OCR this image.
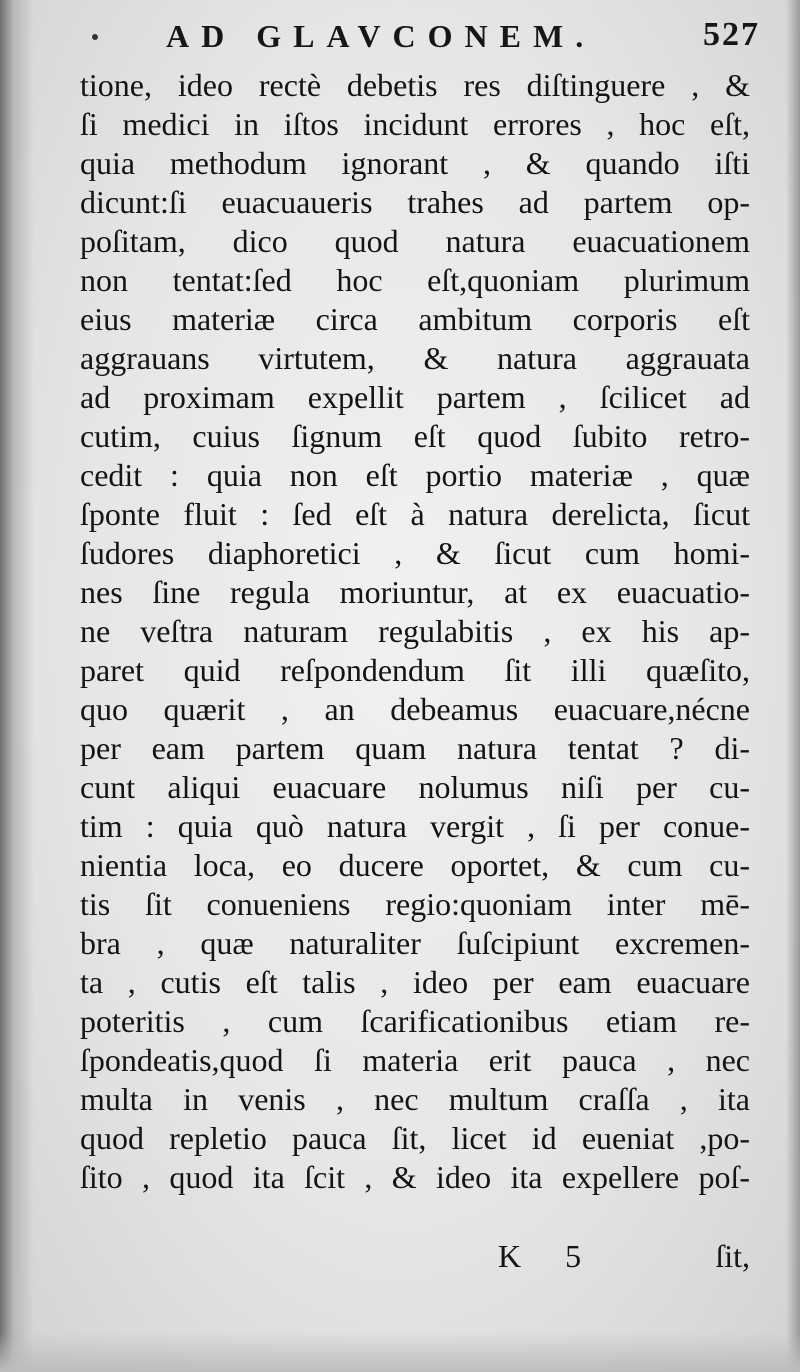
AD GLAVCONEM.	527
tione, ideo rectè debetis res diſtinguere , &
ſi medici in iſtos incidunt errores , hoc eſt,
quia methodum ignorant , & quando iſti
dicunt:ſi euacuaueris trahes ad partem op-
poſitam, dico quod natura euacuationem
non tentat:ſed hoc eſt,quoniam plurimum
eius materiæ circa ambitum corporis eſt
aggrauans virtutem, & natura aggrauata
ad proximam expellit partem , ſcilicet ad
cutim, cuius ſignum eſt quod ſubito retro-
cedit : quia non eſt portio materiæ , quæ
ſponte fluit : ſed eſt à natura derelicta, ſicut
ſudores diaphoretici , & ſicut cum homi-
nes ſine regula moriuntur, at ex euacuatio-
ne veſtra naturam regulabitis , ex his ap-
paret quid reſpondendum ſit illi quæſito,
quo quærit , an debeamus euacuare,nécne
per eam partem quam natura tentat ? di-
cunt aliqui euacuare nolumus niſi per cu-
tim : quia quò natura vergit , ſi per conue-
nientia loca, eo ducere oportet, & cum cu-
tis ſit conueniens regio:quoniam inter mē-
bra , quæ naturaliter ſuſcipiunt excremen-
ta , cutis eſt talis , ideo per eam euacuare
poteritis , cum ſcarificationibus etiam re-
ſpondeatis,quod ſi materia erit pauca , nec
multa in venis , nec multum craſſa , ita
quod repletio pauca ſit, licet id eueniat ,po-
ſito , quod ita ſcit , & ideo ita expellere poſ-
K 5	ſit,
